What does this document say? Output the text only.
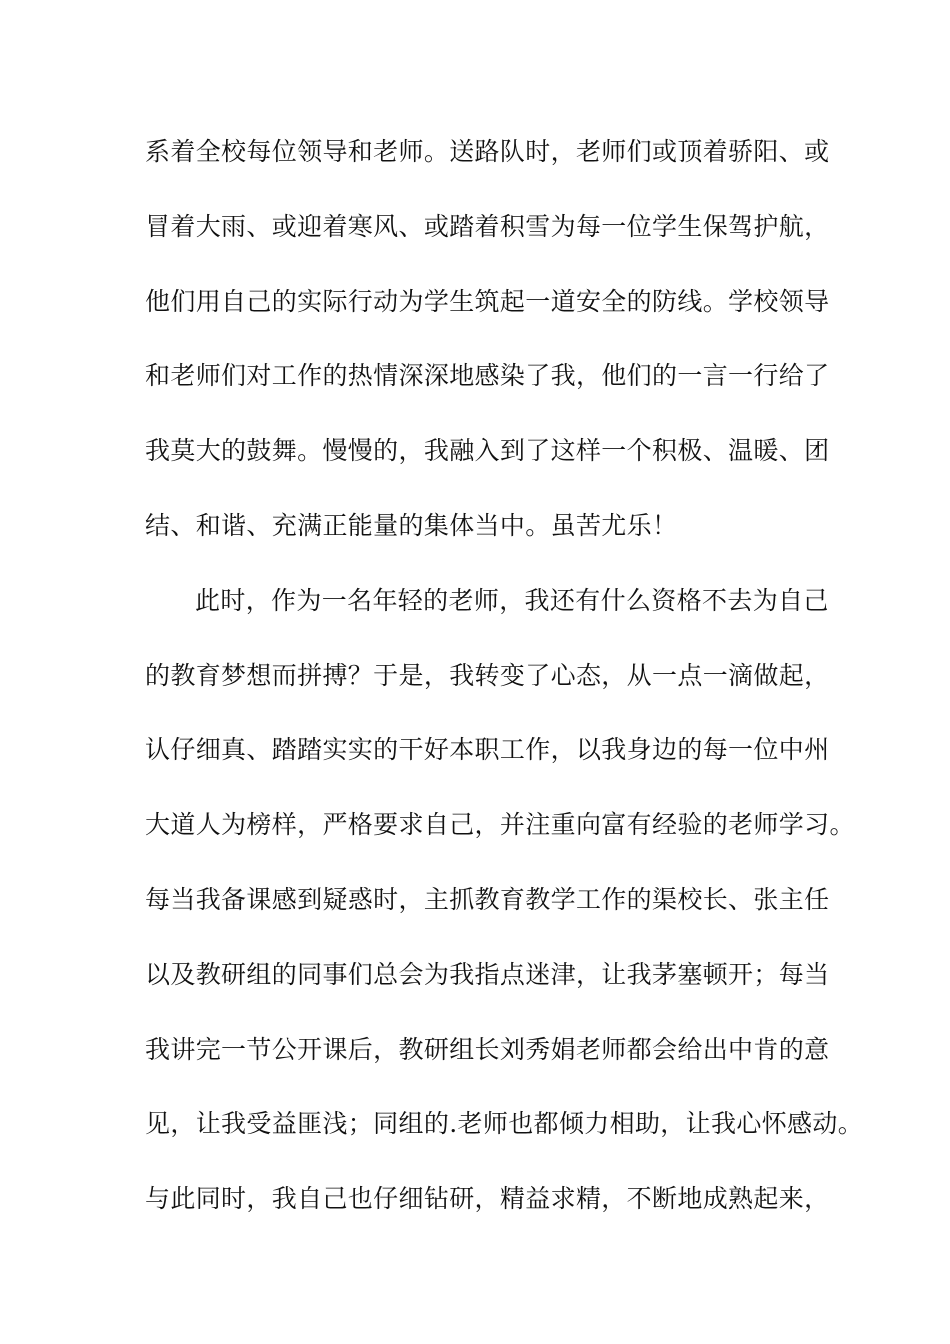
系着全校每位领导和老师。送路队时，老师们或顶着骄阳、或
冒着大雨、或迎着寒风、或踏着积雪为每一位学生保驾护航，
他们用自己的实际行动为学生筑起一道安全的防线。学校领导
和老师们对工作的热情深深地感染了我，他们的一言一行给了
我莫大的鼓舞。慢慢的，我融入到了这样一个积极、温暖、团
结、和谐、充满正能量的集体当中。虽苦尤乐！
此时，作为一名年轻的老师，我还有什么资格不去为自己
的教育梦想而拼搏？于是，我转变了心态，从一点一滴做起，
认仔细真、踏踏实实的干好本职工作，以我身边的每一位中州
大道人为榜样，严格要求自己，并注重向富有经验的老师学习。
每当我备课感到疑惑时，主抓教育教学工作的渠校长、张主任
以及教研组的同事们总会为我指点迷津，让我茅塞顿开；每当
我讲完一节公开课后，教研组长刘秀娟老师都会给出中肯的意
见，让我受益匪浅；同组的.老师也都倾力相助，让我心怀感动。
与此同时，我自己也仔细钻研，精益求精，不断地成熟起来，
